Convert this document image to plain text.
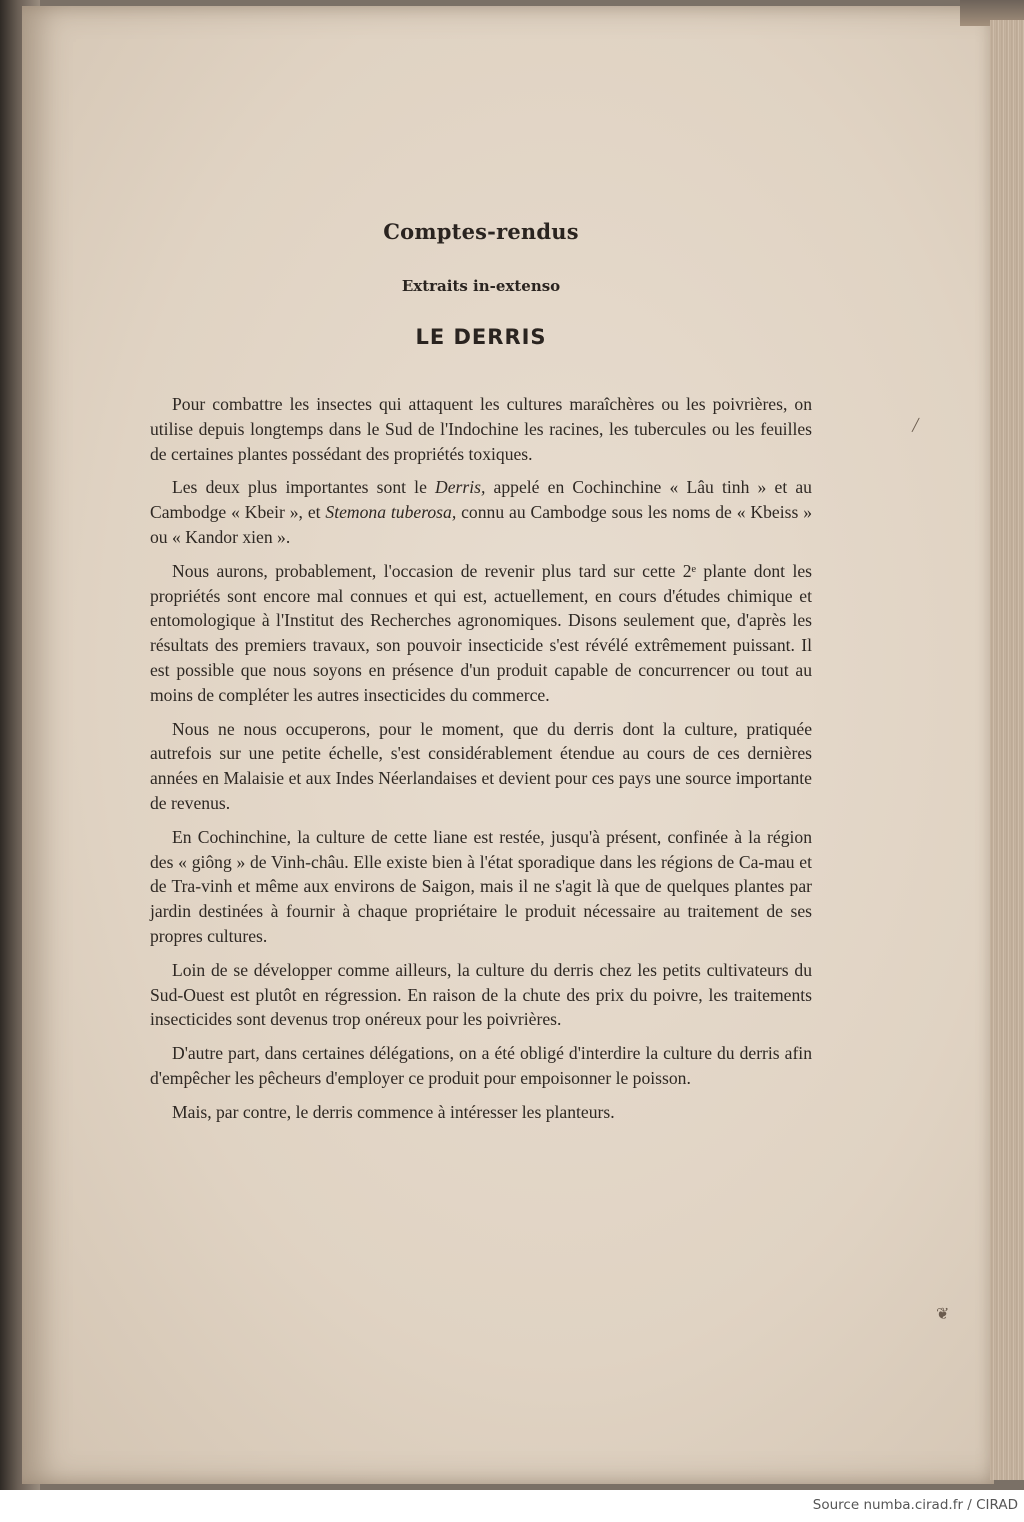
Comptes-rendus
Extraits in-extenso
LE DERRIS

Pour combattre les insectes qui attaquent les cultures maraîchères ou les poivrières, on utilise depuis longtemps dans le Sud de l'Indochine les racines, les tubercules ou les feuilles de certaines plantes possédant des propriétés toxiques.

Les deux plus importantes sont le Derris, appelé en Cochinchine « Lâu tinh » et au Cambodge « Kbeir », et Stemona tuberosa, connu au Cambodge sous les noms de « Kbeiss » ou « Kandor xien ».

Nous aurons, probablement, l'occasion de revenir plus tard sur cette 2ᵉ plante dont les propriétés sont encore mal connues et qui est, actuellement, en cours d'études chimique et entomologique à l'Institut des Recherches agronomiques. Disons seulement que, d'après les résultats des premiers travaux, son pouvoir insecticide s'est révélé extrêmement puissant. Il est possible que nous soyons en présence d'un produit capable de concurrencer ou tout au moins de compléter les autres insecticides du commerce.

Nous ne nous occuperons, pour le moment, que du derris dont la culture, pratiquée autrefois sur une petite échelle, s'est considérablement étendue au cours de ces dernières années en Malaisie et aux Indes Néerlandaises et devient pour ces pays une source importante de revenus.

En Cochinchine, la culture de cette liane est restée, jusqu'à présent, confinée à la région des « giông » de Vinh-châu. Elle existe bien à l'état sporadique dans les régions de Ca-mau et de Tra-vinh et même aux environs de Saigon, mais il ne s'agit là que de quelques plantes par jardin destinées à fournir à chaque propriétaire le produit nécessaire au traitement de ses propres cultures.

Loin de se développer comme ailleurs, la culture du derris chez les petits cultivateurs du Sud-Ouest est plutôt en régression. En raison de la chute des prix du poivre, les traitements insecticides sont devenus trop onéreux pour les poivrières.

D'autre part, dans certaines délégations, on a été obligé d'interdire la culture du derris afin d'empêcher les pêcheurs d'employer ce produit pour empoisonner le poisson.

Mais, par contre, le derris commence à intéresser les planteurs.

❦
╱
Source numba.cirad.fr / CIRAD
